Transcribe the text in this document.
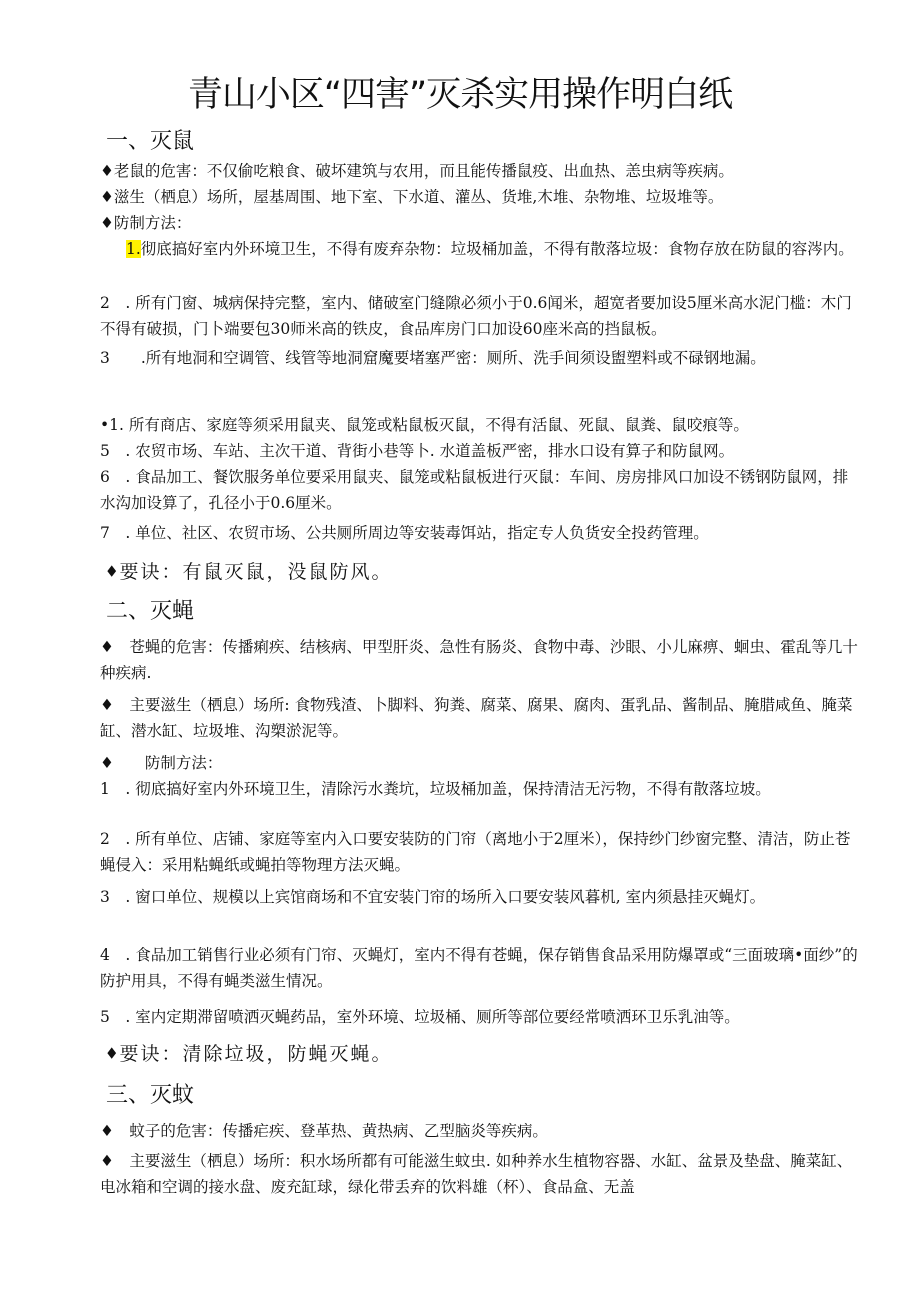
青山小区“四害”灭杀实用操作明白纸
一、灭鼠

♦老鼠的危害：不仅偷吃粮食、破坏建筑与农用，而且能传播鼠疫、出血热、恙虫病等疾病。

♦滋生（栖息）场所，屋基周围、地下室、下水道、灌丛、货堆,木堆、杂物堆、垃圾堆等。

♦防制方法：

1.彻底搞好室内外环境卫生，不得有废弃杂物：垃圾桶加盖，不得有散落垃圾：食物存放在防鼠的容涔内。

2　. 所有门窗、城病保持完整，室内、储破室门缝隙必须小于0.6闻米，超宽者要加设5厘米高水泥门槛：木门不得有破损，门卜端要包30师米高的铁皮，食品库房门口加设60座米高的挡鼠板。

3　　.所有地洞和空调管、线管等地洞窟魔要堵塞严密：厕所、洗手间须设盥塑料或不碌钢地漏。

•1. 所有商店、家庭等须采用鼠夹、鼠笼或粘鼠板灭鼠，不得有活鼠、死鼠、鼠粪、鼠咬痕等。

5　. 农贸市场、车站、主次干道、背街小巷等卜. 水道盖板严密，排水口设有算子和防鼠网。

6　. 食品加工、餐饮服务单位要采用鼠夹、鼠笼或粘鼠板进行灭鼠：车间、房房排风口加设不锈钢防鼠网，排水沟加设算了，孔径小于0.6厘米。

7　. 单位、社区、农贸市场、公共厕所周边等安装毒饵站，指定专人负货安全投药管理。

♦要诀：有鼠灭鼠，没鼠防风。

二、灭蝇

♦　苍蝇的危害：传播痢疾、结核病、甲型肝炎、急性有肠炎、食物中毒、沙眼、小儿麻痹、蛔虫、霍乱等几十种疾病.

♦　主要滋生（栖息）场所: 食物残渣、卜脚料、狗粪、腐菜、腐果、腐肉、蛋乳品、酱制品、腌腊咸鱼、腌菜缸、潜水缸、垃圾堆、沟槊淤泥等。

♦　　防制方法：

1　. 彻底搞好室内外环境卫生，清除污水粪坑，垃圾桶加盖，保持清洁无污物，不得有散落垃坡。

2　. 所有单位、店铺、家庭等室内入口要安装防的门帘（离地小于2厘米），保持纱门纱窗完整、清洁，防止苍蝇侵入：采用粘蝇纸或蝇拍等物理方法灭蝇。

3　. 窗口单位、规模以上宾馆商场和不宜安装门帘的场所入口要安装风暮机, 室内须悬挂灭蝇灯。

4　. 食品加工销售行业必须有门帘、灭蝇灯，室内不得有苍蝇，保存销售食品采用防爆罩或“三面玻璃•面纱”的防护用具，不得有蝇类滋生情况。

5　. 室内定期滞留喷洒灭蝇药品，室外环境、垃圾桶、厕所等部位要经常喷洒环卫乐乳油等。

♦要诀：清除垃圾，防蝇灭蝇。

三、灭蚊

♦　蚊子的危害：传播疟疾、登革热、黄热病、乙型脑炎等疾病。

♦　主要滋生（栖息）场所：积水场所都有可能滋生蚊虫. 如种养水生植物容器、水缸、盆景及垫盘、腌菜缸、电冰箱和空调的接水盘、废充缸球，绿化带丢弃的饮料雄（杯）、食品盒、无盖
